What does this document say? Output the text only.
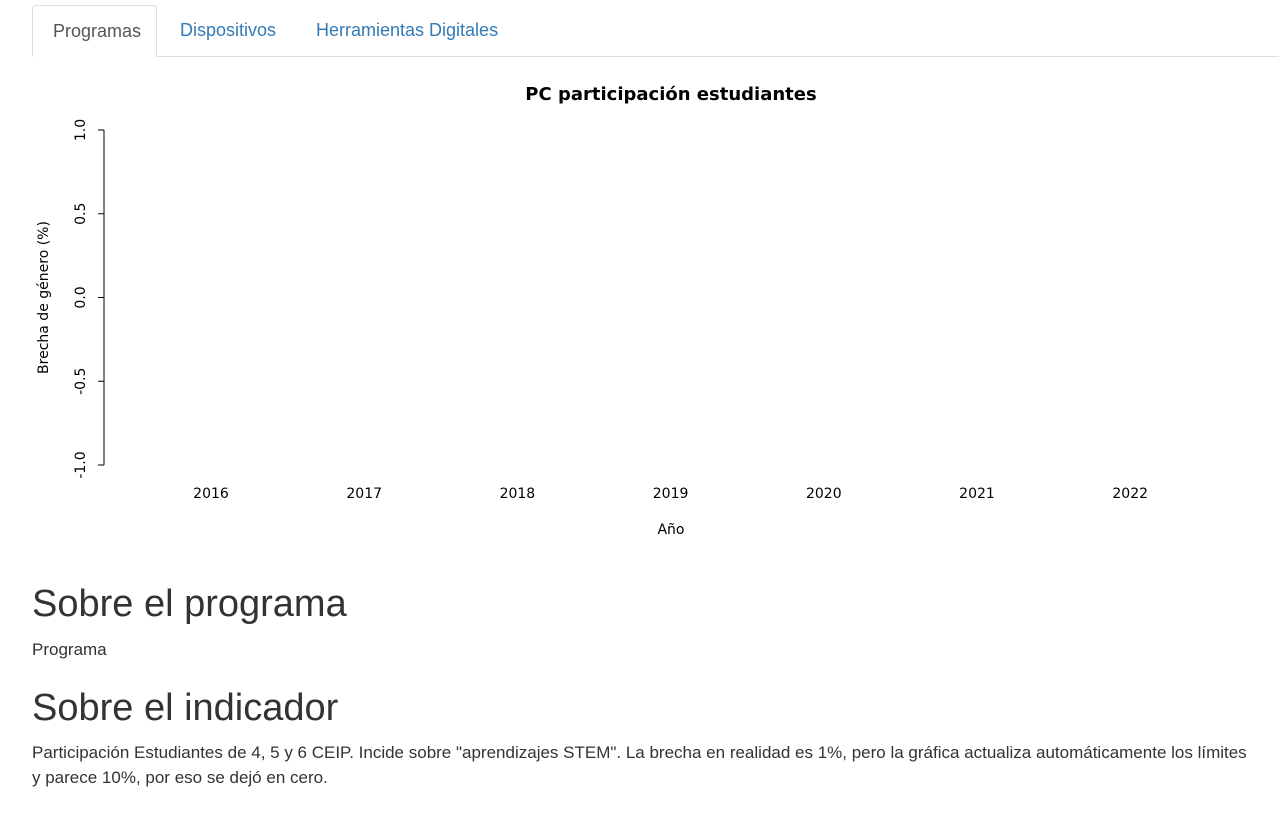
Programas	Dispositivos	Herramientas Digitales
PC participación estudiantes
-1.0
-0.5
0.0
0.5
1.0
Brecha de género (%)
2016	2017	2018	2019	2020	2021	2022
Año
Sobre el programa

Programa

Sobre el indicador

Participación Estudiantes de 4, 5 y 6 CEIP. Incide sobre "aprendizajes STEM". La brecha en realidad es 1%, pero la gráfica actualiza automáticamente los límites y parece 10%, por eso se dejó en cero.
